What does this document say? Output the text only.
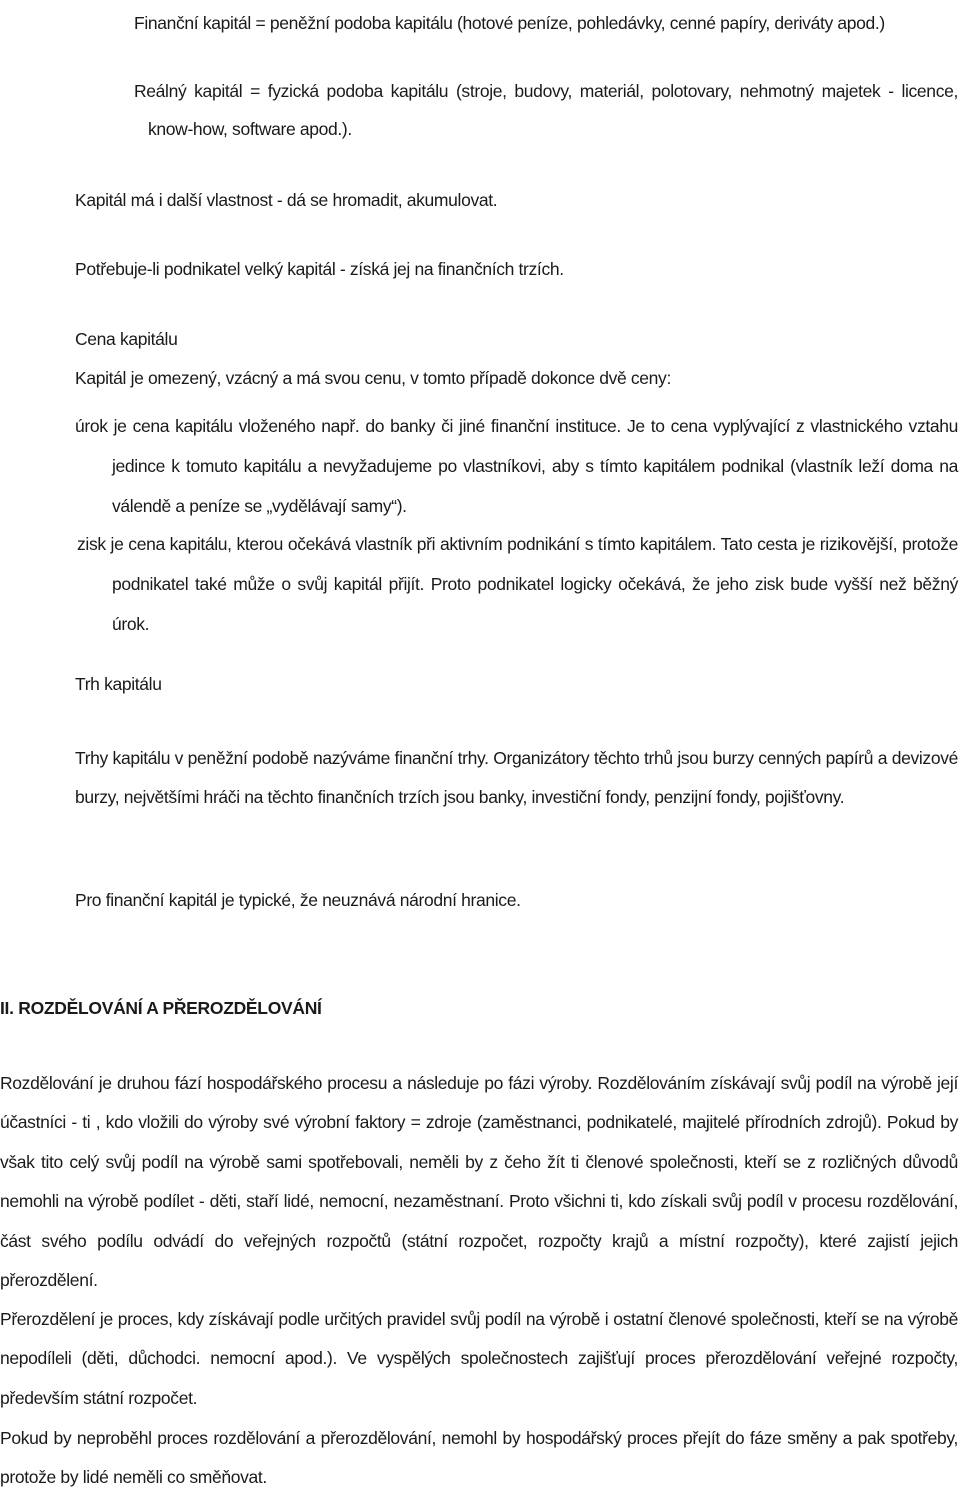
Finanční kapitál = peněžní podoba kapitálu (hotové peníze, pohledávky, cenné papíry, deriváty apod.)

Reálný kapitál = fyzická podoba kapitálu (stroje, budovy, materiál, polotovary, nehmotný majetek - licence, know-how, software apod.).

Kapitál má i další vlastnost - dá se hromadit, akumulovat.

Potřebuje-li podnikatel velký kapitál - získá jej na finančních trzích.

Cena kapitálu

Kapitál je omezený, vzácný a má svou cenu, v tomto případě dokonce dvě ceny:

úrok je cena kapitálu vloženého např. do banky či jiné finanční instituce. Je to cena vyplývající z vlastnického vztahu jedince k tomuto kapitálu a nevyžadujeme po vlastníkovi, aby s tímto kapitálem podnikal (vlastník leží doma na válendě a peníze se „vydělávají samy“).

zisk je cena kapitálu, kterou očekává vlastník při aktivním podnikání s tímto kapitálem. Tato cesta je rizikovější, protože podnikatel také může o svůj kapitál přijít. Proto podnikatel logicky očekává, že jeho zisk bude vyšší než běžný úrok.

Trh kapitálu

Trhy kapitálu v peněžní podobě nazýváme finanční trhy. Organizátory těchto trhů jsou burzy cenných papírů a devizové burzy, největšími hráči na těchto finančních trzích jsou banky, investiční fondy, penzijní fondy, pojišťovny.

Pro finanční kapitál je typické, že neuznává národní hranice.

II. ROZDĚLOVÁNÍ A PŘEROZDĚLOVÁNÍ

Rozdělování je druhou fází hospodářského procesu a následuje po fázi výroby. Rozdělováním získávají svůj podíl na výrobě její účastníci - ti , kdo vložili do výroby své výrobní faktory = zdroje (zaměstnanci, podnikatelé, majitelé přírodních zdrojů). Pokud by však tito celý svůj podíl na výrobě sami spotřebovali, neměli by z čeho žít ti členové společnosti, kteří se z rozličných důvodů nemohli na výrobě podílet - děti, staří lidé, nemocní, nezaměstnaní. Proto všichni ti, kdo získali svůj podíl v procesu rozdělování, část svého podílu odvádí do veřejných rozpočtů (státní rozpočet, rozpočty krajů a místní rozpočty), které zajistí jejich přerozdělení.

Přerozdělení je proces, kdy získávají podle určitých pravidel svůj podíl na výrobě i ostatní členové společnosti, kteří se na výrobě nepodíleli (děti, důchodci. nemocní apod.). Ve vyspělých společnostech zajišťují proces přerozdělování veřejné rozpočty, především státní rozpočet.

Pokud by neproběhl proces rozdělování a přerozdělování, nemohl by hospodářský proces přejít do fáze směny a pak spotřeby, protože by lidé neměli co směňovat.
